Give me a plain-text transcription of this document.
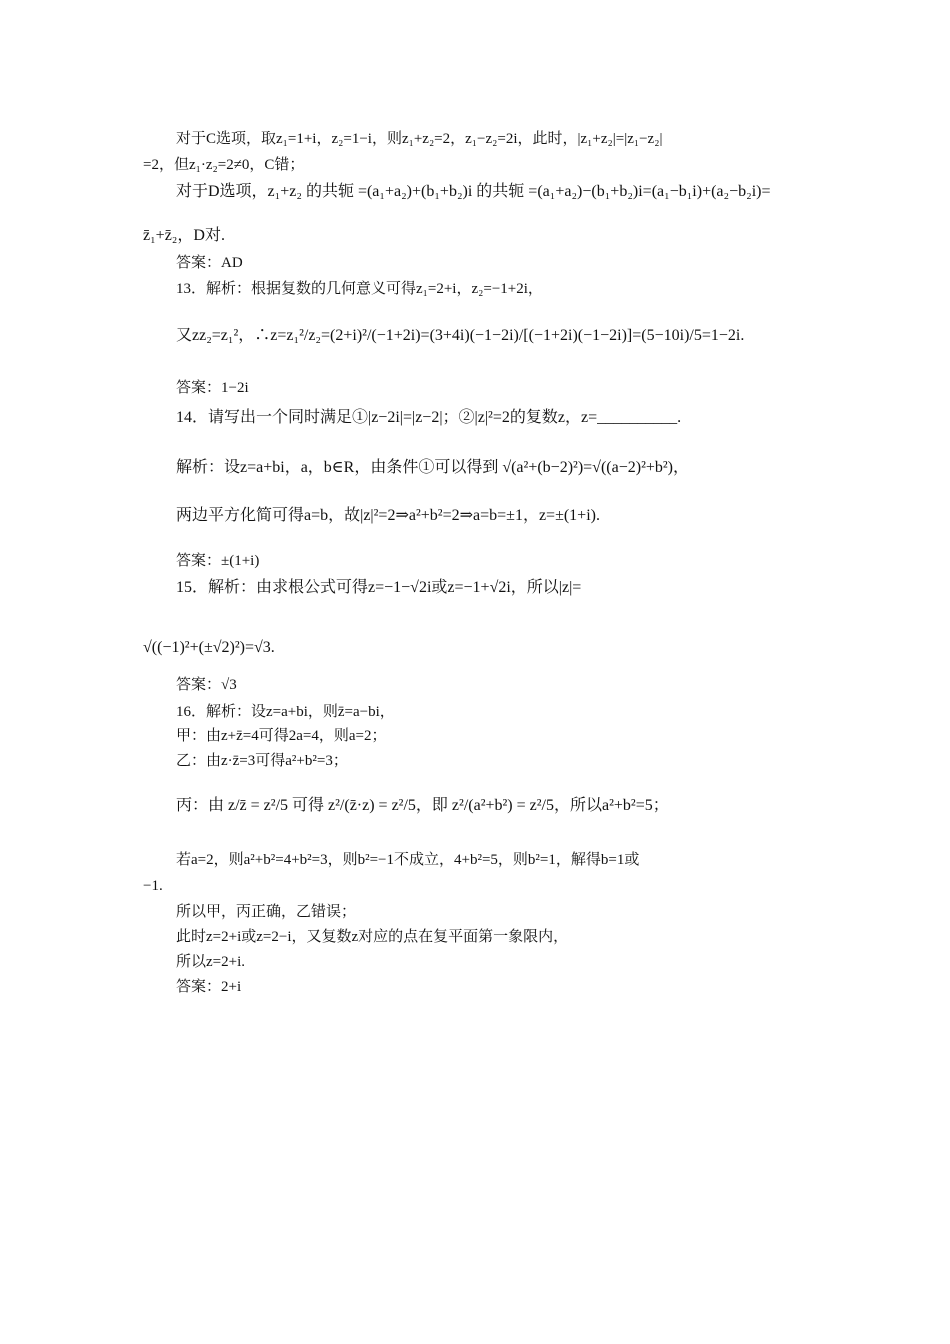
对于C选项，取z₁=1+i，z₂=1−i，则z₁+z₂=2，z₁−z₂=2i，此时，|z₁+z₂|=|z₁−z₂|
=2，但z₁·z₂=2≠0，C错；
对于D选项，z₁+z₂ 的共轭 =(a₁+a₂)+(b₁+b₂)i 的共轭 =(a₁+a₂)−(b₁+b₂)i=(a₁−b₁i)+(a₂−b₂i)=
z̄₁+z̄₂，D对.
答案：AD
13．解析：根据复数的几何意义可得z₁=2+i，z₂=−1+2i，
又zz₂=z₁²，∴z=z₁²/z₂=(2+i)²/(−1+2i)=(3+4i)(−1−2i)/[(−1+2i)(−1−2i)]=(5−10i)/5=1−2i.
答案：1−2i
14．请写出一个同时满足①|z−2i|=|z−2|；②|z|²=2的复数z，z=__________.
解析：设z=a+bi，a，b∈R，由条件①可以得到 √(a²+(b−2)²)=√((a−2)²+b²)，
两边平方化简可得a=b，故|z|²=2⇒a²+b²=2⇒a=b=±1，z=±(1+i).
答案：±(1+i)
15．解析：由求根公式可得z=−1−√2i或z=−1+√2i，所以|z|=
√((−1)²+(±√2)²)=√3.
答案：√3
16．解析：设z=a+bi，则z̄=a−bi，
甲：由z+z̄=4可得2a=4，则a=2；
乙：由z·z̄=3可得a²+b²=3；
丙：由 z/z̄ = z²/5 可得 z²/(z̄·z) = z²/5，即 z²/(a²+b²) = z²/5，所以a²+b²=5；
若a=2，则a²+b²=4+b²=3，则b²=−1不成立，4+b²=5，则b²=1，解得b=1或
−1.
所以甲，丙正确，乙错误；
此时z=2+i或z=2−i，又复数z对应的点在复平面第一象限内，
所以z=2+i.
答案：2+i
